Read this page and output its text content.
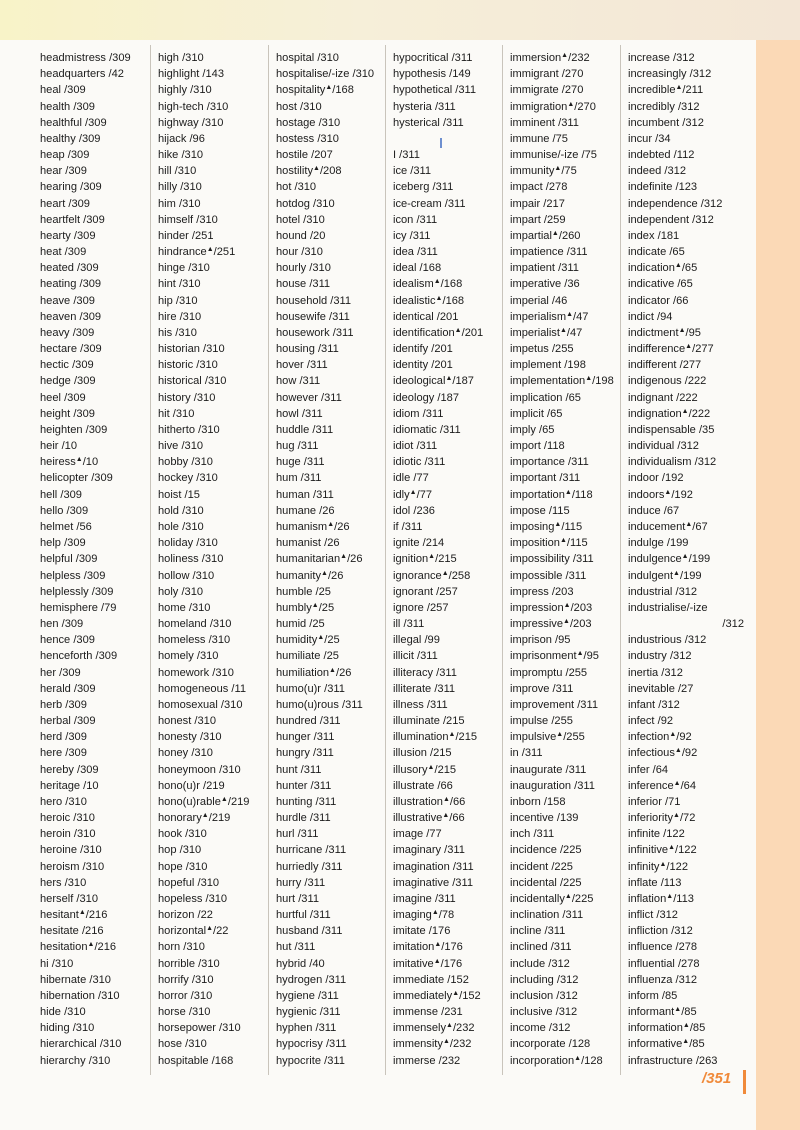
headmistress /309
headquarters /42
heal /309
health /309
healthful /309
healthy /309
heap /309
hear /309
hearing /309
heart /309
heartfelt /309
hearty /309
heat /309
heated /309
heating /309
heave /309
heaven /309
heavy /309
hectare /309
hectic /309
hedge /309
heel /309
height /309
heighten /309
heir /10
heiress▲/10
helicopter /309
hell /309
hello /309
helmet /56
help /309
helpful /309
helpless /309
helplessly /309
hemisphere /79
hen /309
hence /309
henceforth /309
her /309
herald /309
herb /309
herbal /309
herd /309
here /309
hereby /309
heritage /10
hero /310
heroic /310
heroin /310
heroine /310
heroism /310
hers /310
herself /310
hesitant▲/216
hesitate /216
hesitation▲/216
hi /310
hibernate /310
hibernation /310
hide /310
hiding /310
hierarchical /310
hierarchy /310
high /310
highlight /143
highly /310
high-tech /310
highway /310
hijack /96
hike /310
hill /310
hilly /310
him /310
himself /310
hinder /251
hindrance▲/251
hinge /310
hint /310
hip /310
hire /310
his /310
historian /310
historic /310
historical /310
history /310
hit /310
hitherto /310
hive /310
hobby /310
hockey /310
hoist /15
hold /310
hole /310
holiday /310
holiness /310
hollow /310
holy /310
home /310
homeland /310
homeless /310
homely /310
homework /310
homogeneous /11
homosexual /310
honest /310
honesty /310
honey /310
honeymoon /310
hono(u)r /219
hono(u)rable▲/219
honorary▲/219
hook /310
hop /310
hope /310
hopeful /310
hopeless /310
horizon /22
horizontal▲/22
horn /310
horrible /310
horrify /310
horror /310
horse /310
horsepower /310
hose /310
hospitable /168
hospital /310
hospitalise/-ize /310
hospitality▲/168
host /310
hostage /310
hostess /310
hostile /207
hostility▲/208
hot /310
hotdog /310
hotel /310
hound /20
hour /310
hourly /310
house /311
household /311
housewife /311
housework /311
housing /311
hover /311
how /311
however /311
howl /311
huddle /311
hug /311
huge /311
hum /311
human /311
humane /26
humanism▲/26
humanist /26
humanitarian▲/26
humanity▲/26
humble /25
humbly▲/25
humid /25
humidity▲/25
humiliate /25
humiliation▲/26
humo(u)r /311
humo(u)rous /311
hundred /311
hunger /311
hungry /311
hunt /311
hunter /311
hunting /311
hurdle /311
hurl /311
hurricane /311
hurriedly /311
hurry /311
hurt /311
hurtful /311
husband /311
hut /311
hybrid /40
hydrogen /311
hygiene /311
hygienic /311
hyphen /311
hypocrisy /311
hypocrite /311
hypocritical /311
hypothesis /149
hypothetical /311
hysteria /311
hysterical /311
I /311
ice /311
iceberg /311
ice-cream /311
icon /311
icy /311
idea /311
ideal /168
idealism▲/168
idealistic▲/168
identical /201
identification▲/201
identify /201
identity /201
ideological▲/187
ideology /187
idiom /311
idiomatic /311
idiot /311
idiotic /311
idle /77
idly▲/77
idol /236
if /311
ignite /214
ignition▲/215
ignorance▲/258
ignorant /257
ignore /257
ill /311
illegal /99
illicit /311
illiteracy /311
illiterate /311
illness /311
illuminate /215
illumination▲/215
illusion /215
illusory▲/215
illustrate /66
illustration▲/66
illustrative▲/66
image /77
imaginary /311
imagination /311
imaginative /311
imagine /311
imaging▲/78
imitate /176
imitation▲/176
imitative▲/176
immediate /152
immediately▲/152
immense /231
immensely▲/232
immensity▲/232
immerse /232
immersion▲/232
immigrant /270
immigrate /270
immigration▲/270
imminent /311
immune /75
immunise/-ize /75
immunity▲/75
impact /278
impair /217
impart /259
impartial▲/260
impatience /311
impatient /311
imperative /36
imperial /46
imperialism▲/47
imperialist▲/47
impetus /255
implement /198
implementation▲/198
implication /65
implicit /65
imply /65
import /118
importance /311
important /311
importation▲/118
impose /115
imposing▲/115
imposition▲/115
impossibility /311
impossible /311
impress /203
impression▲/203
impressive▲/203
imprison /95
imprisonment▲/95
impromptu /255
improve /311
improvement /311
impulse /255
impulsive▲/255
in /311
inaugurate /311
inauguration /311
inborn /158
incentive /139
inch /311
incidence /225
incident /225
incidental /225
incidentally▲/225
inclination /311
incline /311
inclined /311
include /312
including /312
inclusion /312
inclusive /312
income /312
incorporate /128
incorporation▲/128
increase /312
increasingly /312
incredible▲/211
incredibly /312
incumbent /312
incur /34
indebted /112
indeed /312
indefinite /123
independence /312
independent /312
index /181
indicate /65
indication▲/65
indicative /65
indicator /66
indict /94
indictment▲/95
indifference▲/277
indifferent /277
indigenous /222
indignant /222
indignation▲/222
indispensable /35
individual /312
individualism /312
indoor /192
indoors▲/192
induce /67
inducement▲/67
indulge /199
indulgence▲/199
indulgent▲/199
industrial /312
industrialise/-ize
/312
industrious /312
industry /312
inertia /312
inevitable /27
infant /312
infect /92
infection▲/92
infectious▲/92
infer /64
inference▲/64
inferior /71
inferiority▲/72
infinite /122
infinitive▲/122
infinity▲/122
inflate /113
inflation▲/113
inflict /312
infliction /312
influence /278
influential /278
influenza /312
inform /85
informant▲/85
information▲/85
informative▲/85
infrastructure /263
/351
